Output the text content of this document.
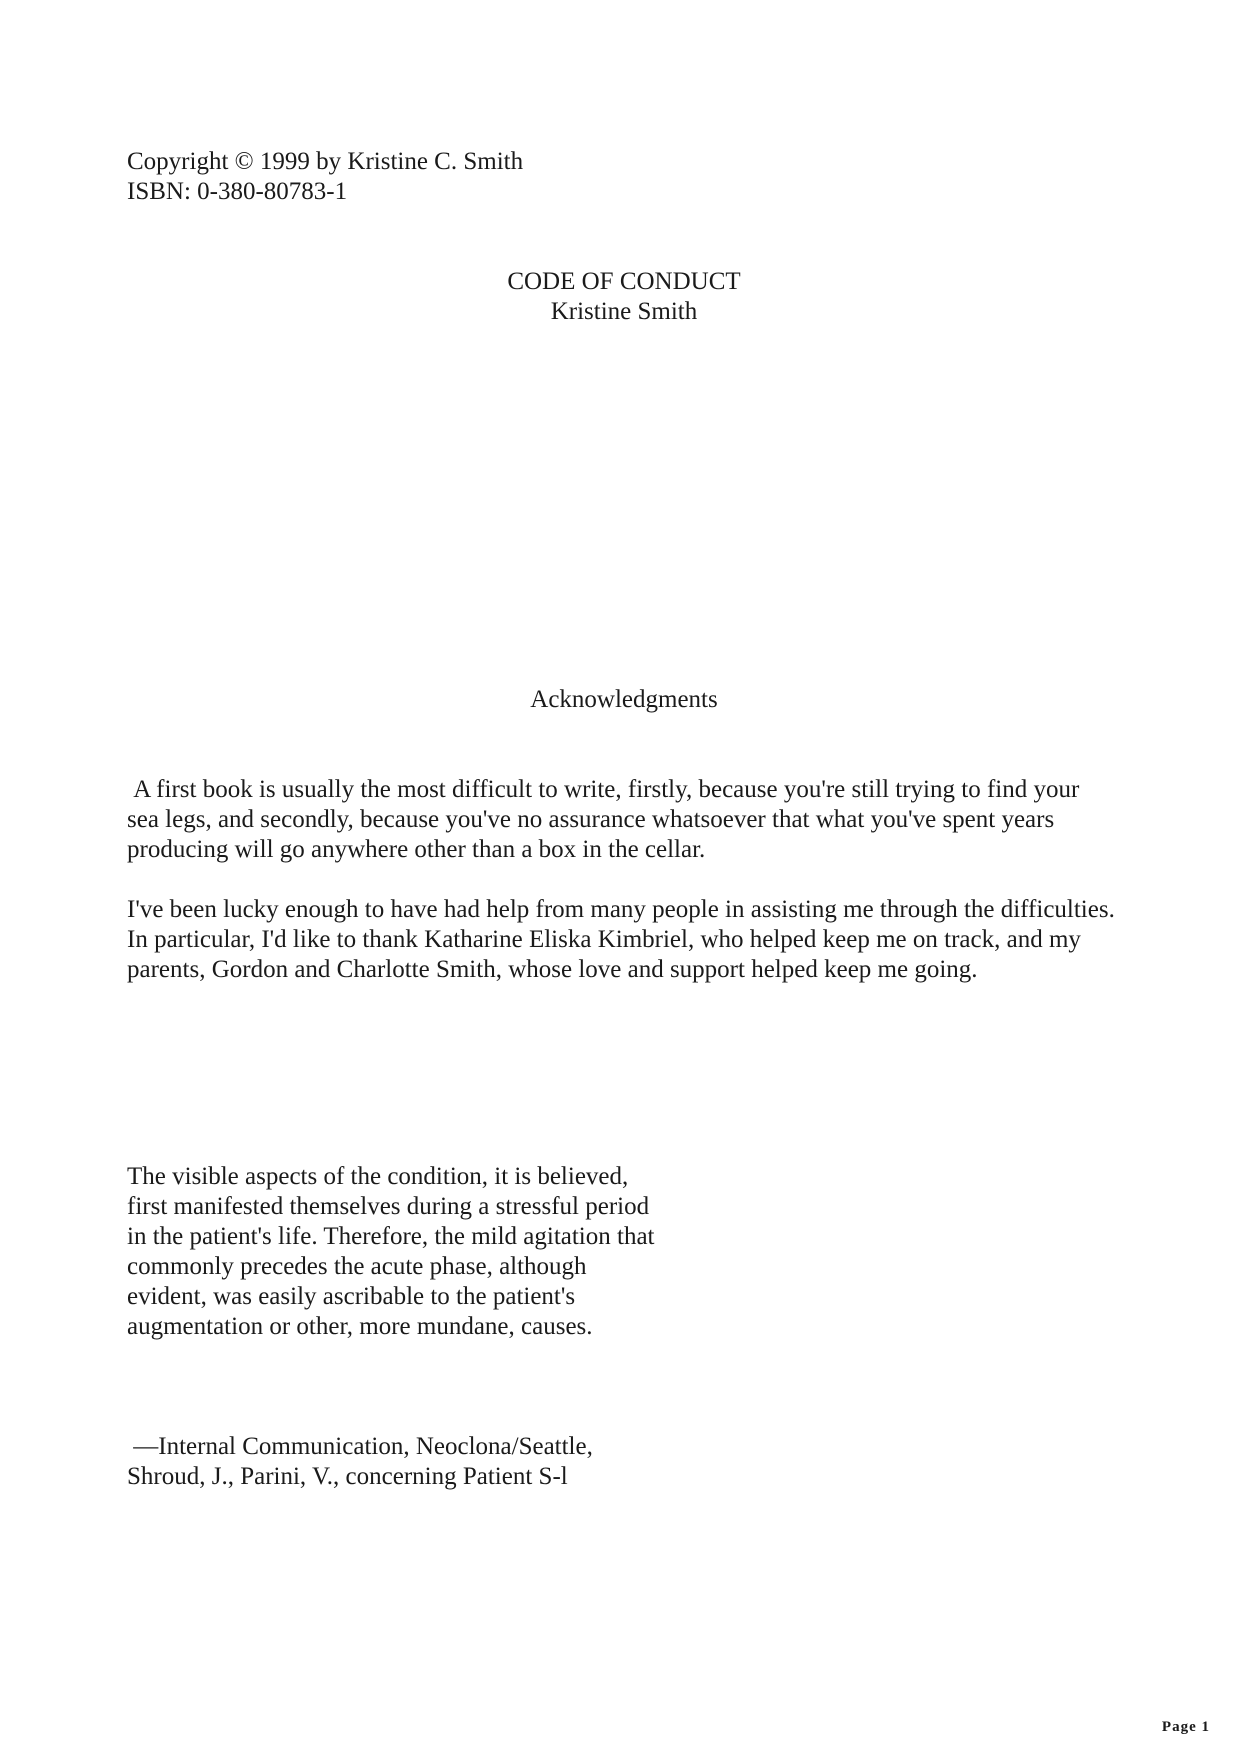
Copyright © 1999 by Kristine C. Smith

ISBN: 0-380-80783-1

CODE OF CONDUCT
Kristine Smith

Acknowledgments

A first book is usually the most difficult to write, firstly, because you're still trying to find your sea legs, and secondly, because you've no assurance whatsoever that what you've spent years producing will go anywhere other than a box in the cellar.

I've been lucky enough to have had help from many people in assisting me through the difficulties. In particular, I'd like to thank Katharine Eliska Kimbriel, who helped keep me on track, and my parents, Gordon and Charlotte Smith, whose love and support helped keep me going.

The visible aspects of the condition, it is believed, first manifested themselves during a stressful period in the patient's life. Therefore, the mild agitation that commonly precedes the acute phase, although evident, was easily ascribable to the patient's augmentation or other, more mundane, causes.

—Internal Communication, Neoclona/Seattle,
Shroud, J., Parini, V., concerning Patient S-l

Page 1
